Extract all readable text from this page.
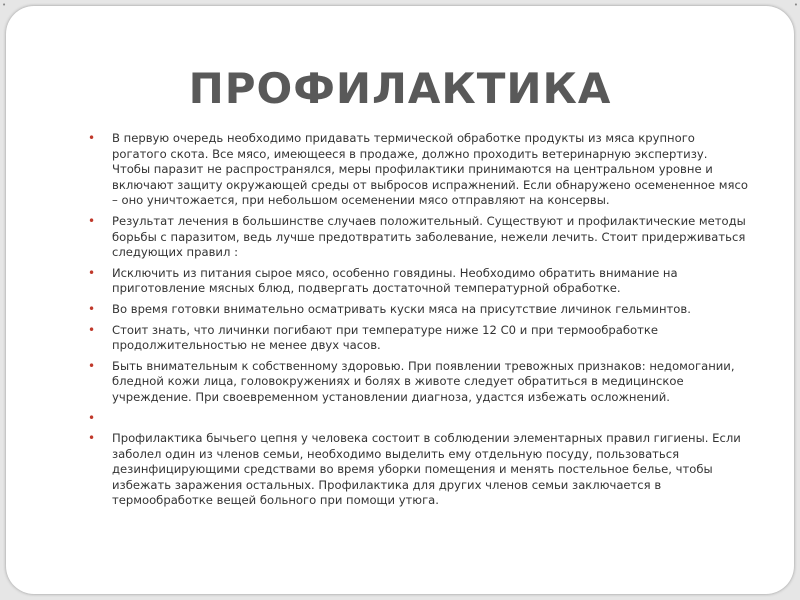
•	•
ПРОФИЛАКТИКА
• В первую очередь необходимо придавать термической обработке продукты из мяса крупного рогатого скота. Все мясо, имеющееся в продаже, должно проходить ветеринарную экспертизу. Чтобы паразит не распространялся, меры профилактики принимаются на центральном уровне и включают защиту окружающей среды от выбросов испражнений. Если обнаружено осемененное мясо – оно уничтожается, при небольшом осеменении мясо отправляют на консервы.
• Результат лечения в большинстве случаев положительный. Существуют и профилактические методы борьбы с паразитом, ведь лучше предотвратить заболевание, нежели лечить. Стоит придерживаться следующих правил :
• Исключить из питания сырое мясо, особенно говядины. Необходимо обратить внимание на приготовление мясных блюд, подвергать достаточной температурной обработке.
• Во время готовки внимательно осматривать куски мяса на присутствие личинок гельминтов.
• Стоит знать, что личинки погибают при температуре ниже 12 С0 и при термообработке продолжительностью не менее двух часов.
• Быть внимательным к собственному здоровью. При появлении тревожных признаков: недомогании, бледной кожи лица, головокружениях и болях в животе следует обратиться в медицинское учреждение. При своевременном установлении диагноза, удастся избежать осложнений.
•
• Профилактика бычьего цепня у человека состоит в соблюдении элементарных правил гигиены. Если заболел один из членов семьи, необходимо выделить ему отдельную посуду, пользоваться дезинфицирующими средствами во время уборки помещения и менять постельное белье, чтобы избежать заражения остальных. Профилактика для других членов семьи заключается в термообработке вещей больного при помощи утюга.
